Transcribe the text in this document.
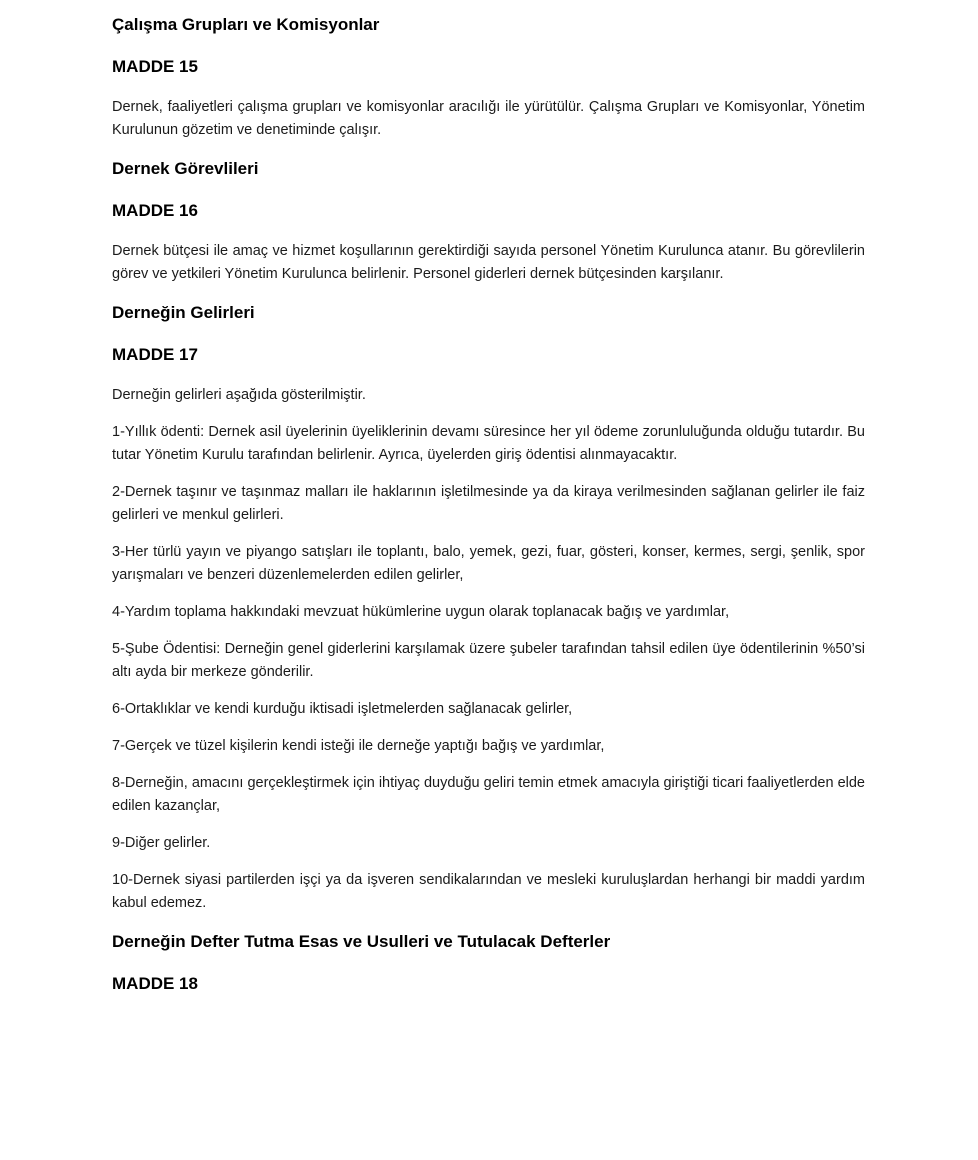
Çalışma Grupları ve Komisyonlar
MADDE 15

Dernek, faaliyetleri çalışma grupları ve komisyonlar aracılığı ile yürütülür. Çalışma Grupları ve Komisyonlar, Yönetim Kurulunun gözetim ve denetiminde çalışır.

Dernek Görevlileri
MADDE 16

Dernek bütçesi ile amaç ve hizmet koşullarının gerektirdiği sayıda personel Yönetim Kurulunca atanır. Bu görevlilerin görev ve yetkileri Yönetim Kurulunca belirlenir. Personel giderleri dernek bütçesinden karşılanır.

Derneğin Gelirleri
MADDE 17

Derneğin gelirleri aşağıda gösterilmiştir.

1-Yıllık ödenti: Dernek asil üyelerinin üyeliklerinin devamı süresince her yıl ödeme zorunluluğunda olduğu tutardır. Bu tutar Yönetim Kurulu tarafından belirlenir. Ayrıca, üyelerden giriş ödentisi alınmayacaktır.

2-Dernek taşınır ve taşınmaz malları ile haklarının işletilmesinde ya da kiraya verilmesinden sağlanan gelirler ile faiz gelirleri ve menkul gelirleri.

3-Her türlü yayın ve piyango satışları ile toplantı, balo, yemek, gezi, fuar, gösteri, konser, kermes, sergi, şenlik, spor yarışmaları ve benzeri düzenlemelerden edilen gelirler,

4-Yardım toplama hakkındaki mevzuat hükümlerine uygun olarak toplanacak bağış ve yardımlar,

5-Şube Ödentisi: Derneğin genel giderlerini karşılamak üzere şubeler tarafından tahsil edilen üye ödentilerinin %50’si altı ayda bir merkeze gönderilir.

6-Ortaklıklar ve kendi kurduğu iktisadi işletmelerden sağlanacak gelirler,

7-Gerçek ve tüzel kişilerin kendi isteği ile derneğe yaptığı bağış ve yardımlar,

8-Derneğin, amacını gerçekleştirmek için ihtiyaç duyduğu geliri temin etmek amacıyla giriştiği ticari faaliyetlerden elde edilen kazançlar,

9-Diğer gelirler.

10-Dernek siyasi partilerden işçi ya da işveren sendikalarından ve mesleki kuruluşlardan herhangi bir maddi yardım kabul edemez.

Derneğin Defter Tutma Esas ve Usulleri ve Tutulacak Defterler
MADDE 18
